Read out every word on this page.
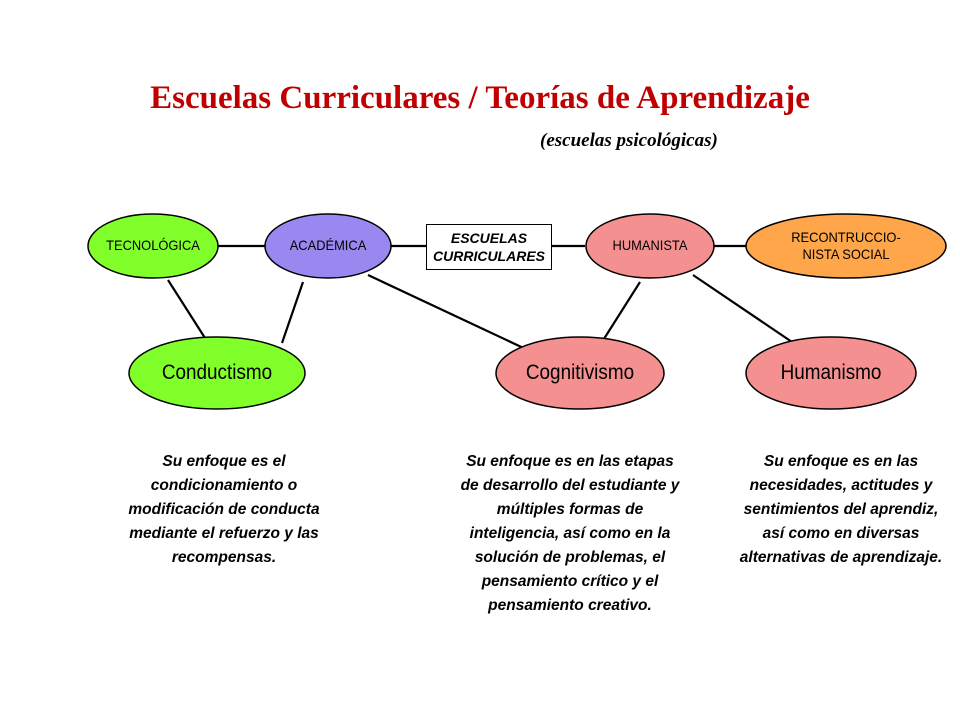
Escuelas Curriculares / Teorías de Aprendizaje

(escuelas psicológicas)

TECNOLÓGICA	ACADÉMICA	HUMANISTA
RECONTRUCCIO-
NISTA SOCIAL
ESCUELAS
CURRICULARES
Conductismo	Cognitivismo	Humanismo
Su enfoque es el condicionamiento o modificación de conducta mediante el refuerzo y las recompensas.
Su enfoque es en las etapas de desarrollo del estudiante y múltiples formas de inteligencia, así como en la solución de problemas, el pensamiento crítico y el pensamiento creativo.
Su enfoque es en las necesidades, actitudes y sentimientos del aprendiz, así como en diversas alternativas de aprendizaje.
